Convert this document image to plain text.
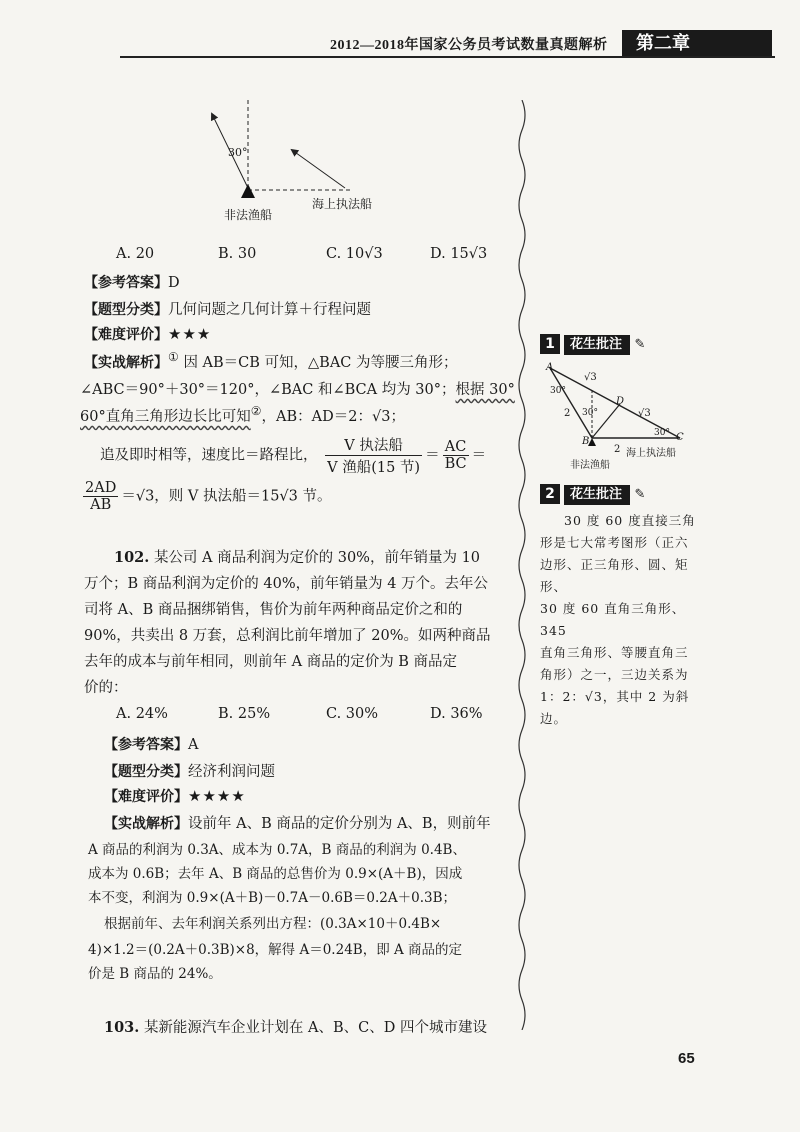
2012—2018年国家公务员考试数量真题解析	第二章
30°
非法渔船
海上执法船
A. 20	B. 30	C. 10√3	D. 15√3
【参考答案】D
【题型分类】几何问题之几何计算＋行程问题
【难度评价】★★★
【实战解析】① 因 AB＝CB 可知，△BAC 为等腰三角形；
∠ABC＝90°＋30°＝120°，∠BAC 和∠BCA 均为 30°；根据 30°
60°直角三角形边长比可知②，AB：AD＝2：√3；
追及即时相等，速度比＝路程比， $\frac{\text{V 执法船}}{\text{V 渔船(15 节)}} = \frac{AC}{BC}$ ＝
$\frac{2AD}{AB} =√3$，则 V 执法船＝15√3 节。
102. 某公司 A 商品利润为定价的 30%，前年销量为 10
万个；B 商品利润为定价的 40%，前年销量为 4 万个。去年公
司将 A、B 商品捆绑销售，售价为前年两种商品定价之和的
90%，共卖出 8 万套，总利润比前年增加了 20%。如两种商品
去年的成本与前年相同，则前年 A 商品的定价为 B 商品定
价的：
A. 24%	B. 25%	C. 30%	D. 36%
【参考答案】A
【题型分类】经济利润问题
【难度评价】★★★★
【实战解析】设前年 A、B 商品的定价分别为 A、B，则前年
A 商品的利润为 0.3A、成本为 0.7A，B 商品的利润为 0.4B、
成本为 0.6B；去年 A、B 商品的总售价为 0.9×(A＋B)，因成
本不变，利润为 0.9×(A＋B)－0.7A－0.6B＝0.2A＋0.3B；
根据前年、去年利润关系列出方程：(0.3A×10＋0.4B×
4)×1.2＝(0.2A＋0.3B)×8，解得 A＝0.24B，即 A 商品的定
价是 B 商品的 24%。
103. 某新能源汽车企业计划在 A、B、C、D 四个城市建设
1 花生批注 ✎
A
√3
30°
2 30°
D
√3
30°
B	C
2
非法渔船
海上执法船
2 花生批注 ✎
30 度 60 度直接三角
形是七大常考图形（正六
边形、正三角形、圆、矩形、
30 度 60 直角三角形、345
直角三角形、等腰直角三
角形）之一，三边关系为
1：2：√3，其中 2 为斜
边。
65
